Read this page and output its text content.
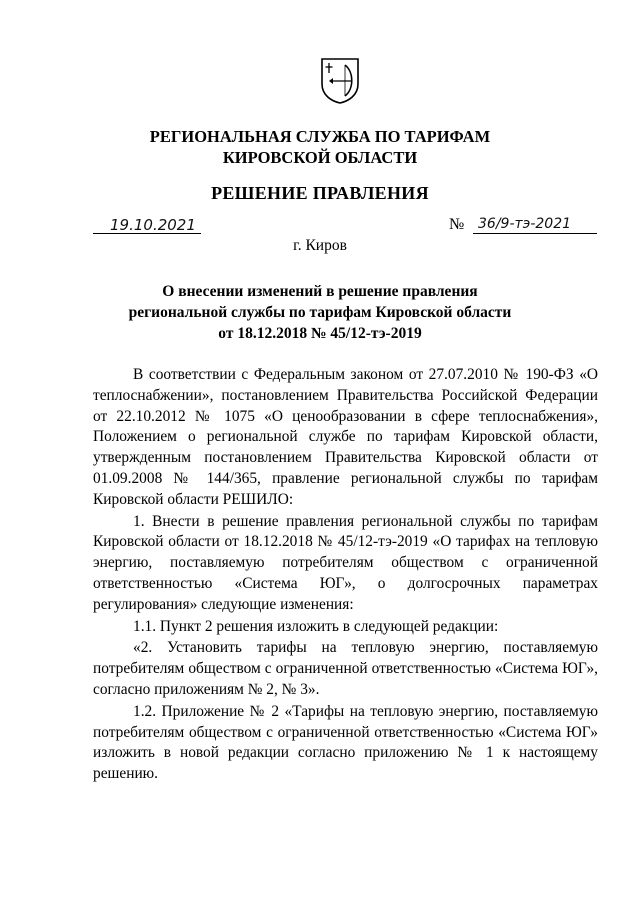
РЕГИОНАЛЬНАЯ СЛУЖБА ПО ТАРИФАМ
КИРОВСКОЙ ОБЛАСТИ
РЕШЕНИЕ ПРАВЛЕНИЯ
19.10.2021	№ 36/9-тэ-2021
г. Киров
О внесении изменений в решение правления
региональной службы по тарифам Кировской области
от 18.12.2018 № 45/12-тэ-2019

В соответствии с Федеральным законом от 27.07.2010 № 190-ФЗ «О теплоснабжении», постановлением Правительства Российской Федерации от 22.10.2012 № 1075 «О ценообразовании в сфере теплоснабжения», Положением о региональной службе по тарифам Кировской области, утвержденным постановлением Правительства Кировской области от 01.09.2008 № 144/365, правление региональной службы по тарифам Кировской области РЕШИЛО:

1. Внести в решение правления региональной службы по тарифам Кировской области от 18.12.2018 № 45/12-тэ-2019 «О тарифах на тепловую энергию, поставляемую потребителям обществом с ограниченной ответственностью «Система ЮГ», о долгосрочных параметрах регулирования» следующие изменения:

1.1. Пункт 2 решения изложить в следующей редакции:

«2. Установить тарифы на тепловую энергию, поставляемую потребителям обществом с ограниченной ответственностью «Система ЮГ», согласно приложениям № 2, № 3».

1.2. Приложение № 2 «Тарифы на тепловую энергию, поставляемую потребителям обществом с ограниченной ответственностью «Система ЮГ» изложить в новой редакции согласно приложению № 1 к настоящему решению.
